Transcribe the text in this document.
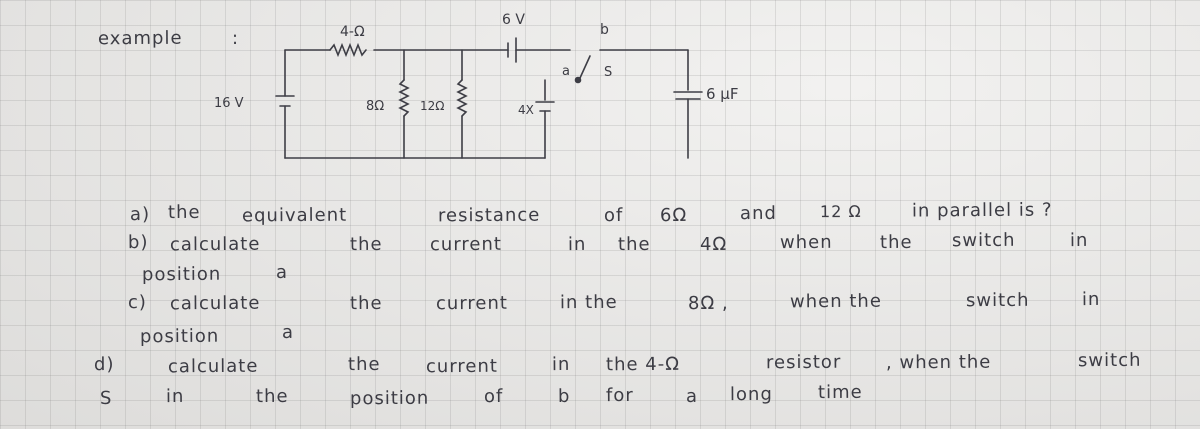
example	:	4-Ω
6 V
b
a	S
16 V	8Ω	12Ω	4X
6 μF
a) the equivalent	resistance	of 6Ω	and	12 Ω	in parallel is ?
b) calculate	the	current	in the	4Ω	when	the switch	in
position	a
c) calculate	the	current	in the	8Ω ,	when the	switch	in
position	a
d)	calculate	the	current	in the 4-Ω	resistor , when the	switch
S	in	the	position	of	b for	a long time
